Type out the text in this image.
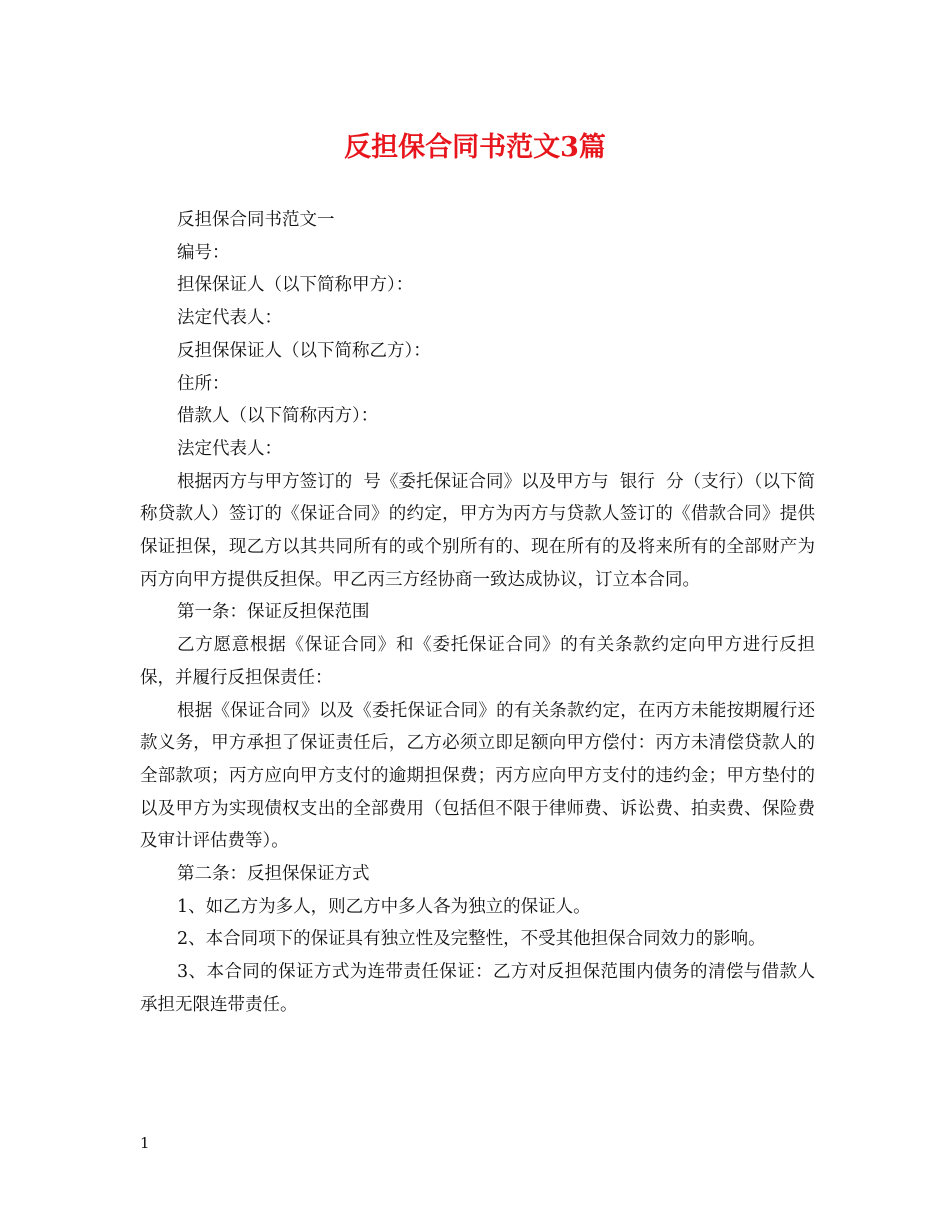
反担保合同书范文3篇

反担保合同书范文一

编号：

担保保证人（以下简称甲方）：

法定代表人：

反担保保证人（以下简称乙方）：

住所：

借款人（以下简称丙方）：

法定代表人：

根据丙方与甲方签订的  号《委托保证合同》以及甲方与  银行  分（支行）（以下简称贷款人）签订的《保证合同》的约定，甲方为丙方与贷款人签订的《借款合同》提供保证担保，现乙方以其共同所有的或个别所有的、现在所有的及将来所有的全部财产为丙方向甲方提供反担保。甲乙丙三方经协商一致达成协议，订立本合同。

第一条：保证反担保范围

乙方愿意根据《保证合同》和《委托保证合同》的有关条款约定向甲方进行反担保，并履行反担保责任：

根据《保证合同》以及《委托保证合同》的有关条款约定，在丙方未能按期履行还款义务，甲方承担了保证责任后，乙方必须立即足额向甲方偿付：丙方未清偿贷款人的全部款项；丙方应向甲方支付的逾期担保费；丙方应向甲方支付的违约金；甲方垫付的以及甲方为实现债权支出的全部费用（包括但不限于律师费、诉讼费、拍卖费、保险费及审计评估费等）。

第二条：反担保保证方式

1、如乙方为多人，则乙方中多人各为独立的保证人。

2、本合同项下的保证具有独立性及完整性，不受其他担保合同效力的影响。

3、本合同的保证方式为连带责任保证：乙方对反担保范围内债务的清偿与借款人承担无限连带责任。

1
